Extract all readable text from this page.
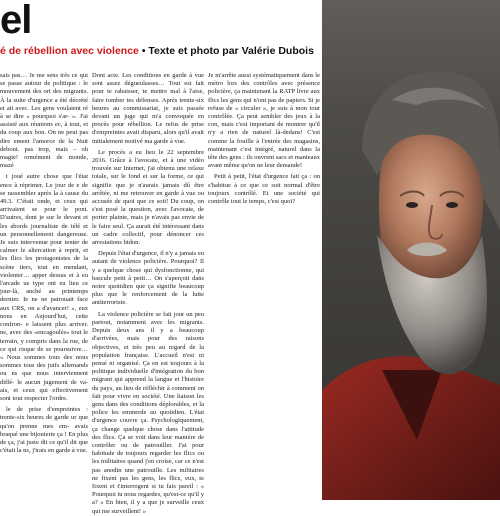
el
é de rébellion avec violence • Texte et photo par Valérie Dubois

sais pas… Je me sens très ce qui se passe autour de politique : le mouvement des ort des migrants. À la suite d'urgence a été décrété et ait avec. Les gens voulaient ré à se dire « pourquoi s'ar- ». J'ai assisté aux réunions ec, à tout, et du coup aux bon. On ne peut pas dire ement l'amorce de la Nuit debout. pas trop, mais – oh magie! ormément de monde, mazé

t joué autre chose que l'état ence à réprimer. Le jour de e de se rassembler après la à cause du 49.3. C'était onde, et ceux qui arrivaient se pour le pont. D'autres, dont je sur le devant et les abords journaliste de télé et un personnellement dangereuse. Je suis intervenue pour tenter de calmer le altercation à reprit, et les flics les protagonistes de la scène tiers, tout en mendant, violenter… apper dessus et à eu l'arcade ue type ont eu lieu ce jour-là, anché au printemps dernier. Ie ne ne patrouait face aux CRS, on a d'avancer! », eux nous en Aujourd'hui, cette confron- e laissent plus arriver. ne, avec des «encagoulés» tout le terrain, y compris dans la rue, de ce qui risque de se poursuivre… « Nous sommes tous des nous sommes tous des juifs allemands ou ns que nous interviennent diffé- le aucun jugement de va- ais, et ceux qui effectivement sont tout respecter l'ordre.

le de prise d'empreintes : trente-six heures de garde ur que qu'on prenne mes em- avais braqué une bijouterie ça ! En plus de ça, j'ai juste dit ce qu'il dit que c'était la ns, j'irais en garde à vue.

Dont acte. Les conditions en garde à vue sont assez dégueulasses… Tout est fait pour te rabaisser, te mettre mal à l'aise, faire tomber tes défenses. Après trente-six heures au commissariat, je suis passée devant un juge qui m'a convoquée en procès pour rébellion. Le refus de prise d'empreintes avait disparu, alors qu'il avait initialement motivé ma garde à vue.

Le procès a eu lieu le 22 septembre 2016. Grâce à l'avocate, et à une vidéo trouvée sur Internet, j'ai obtenu une relaxe totale, sur le fond et sur la forme, ce qui signifie que je n'aurais jamais dû être arrêtée, ni me retrouver en garde à vue ou accusée de quoi que ce soit! Du coup, on s'est posé la question, avec l'avocate, de porter plainte, mais je n'avais pas envie de le faire seul. Ça aurait été intéressant dans un cadre collectif, pour dénoncer ces arrestations bidon.

Depuis l'état d'urgence, il n'y a jamais eu autant de violence policière. Pourquoi? Il y a quelque chose qui dysfonctionne, qui bascule petit à petit… On s'aperçoit dans notre quotidien que ça signifie beaucoup plus que le renforcement de la lutte antiterroriste.

La violence policière se fait jour un peu partout, notamment avec les migrants. Depuis deux ans il y a beaucoup d'arrivées, mais pour des raisons objectives, et très peu au regard de la population française. L'accueil n'est ni pensé ni organisé. Ça en est toujours à la politique individuelle d'intégration du bon migrant qui apprend la langue et l'histoire du pays, au lieu de réfléchir à comment on fait pour vivre en société. Une liaison les gens dans des conditions déplorables, et la police les emmerde au quotidien. L'état d'urgence couvre ça. Psychologiquement, ça change quelque chose dans l'attitude des flics. Ça se voit dans leur manière de contrôler ou de patrouiller. J'ai pour habitude de toujours regarder les flics ou les militaires quand j'en croise, car ce n'est pas anodin une patrouille. Les militaires ne fixent pas les gens, les flics, eux, te fixent et t'interrogent si tu fais pareil : « Pourquoi tu nous regardes, qu'est-ce qu'il y a? » En bien, il y a que je surveille ceux qui me surveillent! »

Je m'arrête aussi systématiquement dans le métro lors des contrôles avec présence policière, ça maintenant la RATP livre aux flics les gens qui n'ont pas de papiers. Si je refuse de « circuler », je suis à mon tour contrôlée. Ça peut sembler des jeux à la con, mais c'est important de montrer qu'il n'y a rien de naturel là-dedans! C'est comme la fouille à l'entrée des magasins, maintenant c'est intégré, naturel dans la tête des gens : ils ouvrent sacs et manteaux avant même qu'on ne leur demande!

Petit à petit, l'état d'urgence fait ça : on s'habitue à ce que ce soit normal d'être toujours contrôlé. Et une société qui contrôle tout le temps, c'est quoi?
